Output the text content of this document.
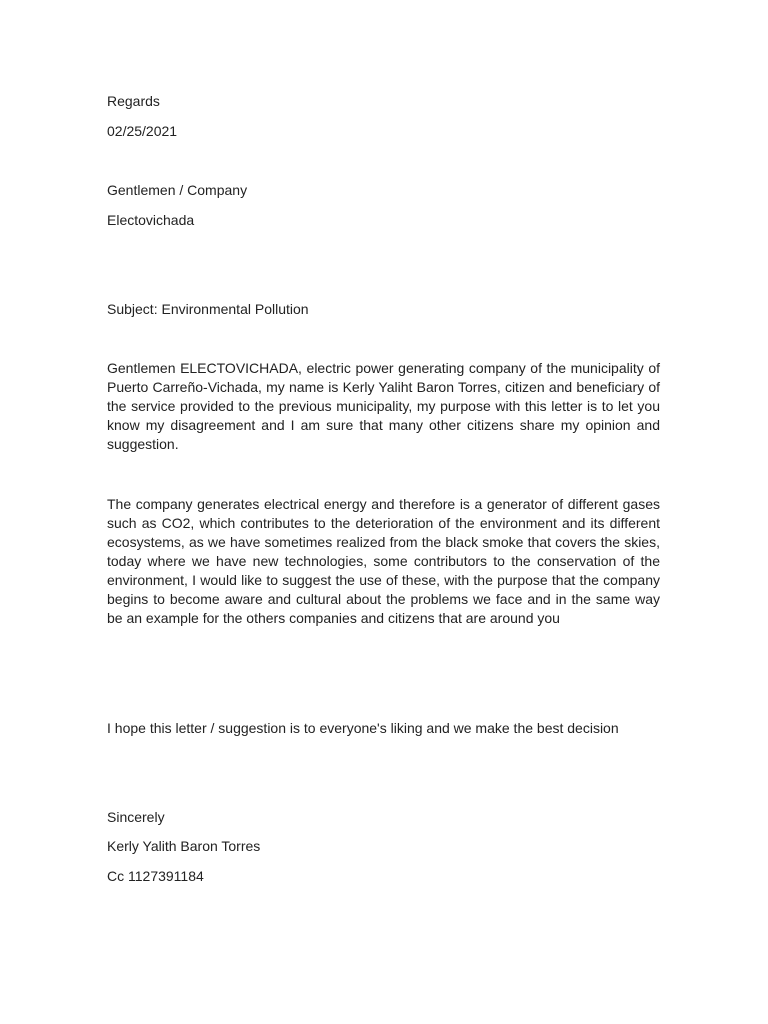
Regards
02/25/2021
Gentlemen / Company
Electovichada
Subject: Environmental Pollution
Gentlemen ELECTOVICHADA, electric power generating company of the municipality of Puerto Carreño-Vichada, my name is Kerly Yaliht Baron Torres, citizen and beneficiary of the service provided to the previous municipality, my purpose with this letter is to let you know my disagreement and I am sure that many other citizens share my opinion and suggestion.
The company generates electrical energy and therefore is a generator of different gases such as CO2, which contributes to the deterioration of the environment and its different ecosystems, as we have sometimes realized from the black smoke that covers the skies, today where we have new technologies, some contributors to the conservation of the environment, I would like to suggest the use of these, with the purpose that the company begins to become aware and cultural about the problems we face and in the same way be an example for the others companies and citizens that are around you
I hope this letter / suggestion is to everyone's liking and we make the best decision
Sincerely
Kerly Yalith Baron Torres
Cc 1127391184
